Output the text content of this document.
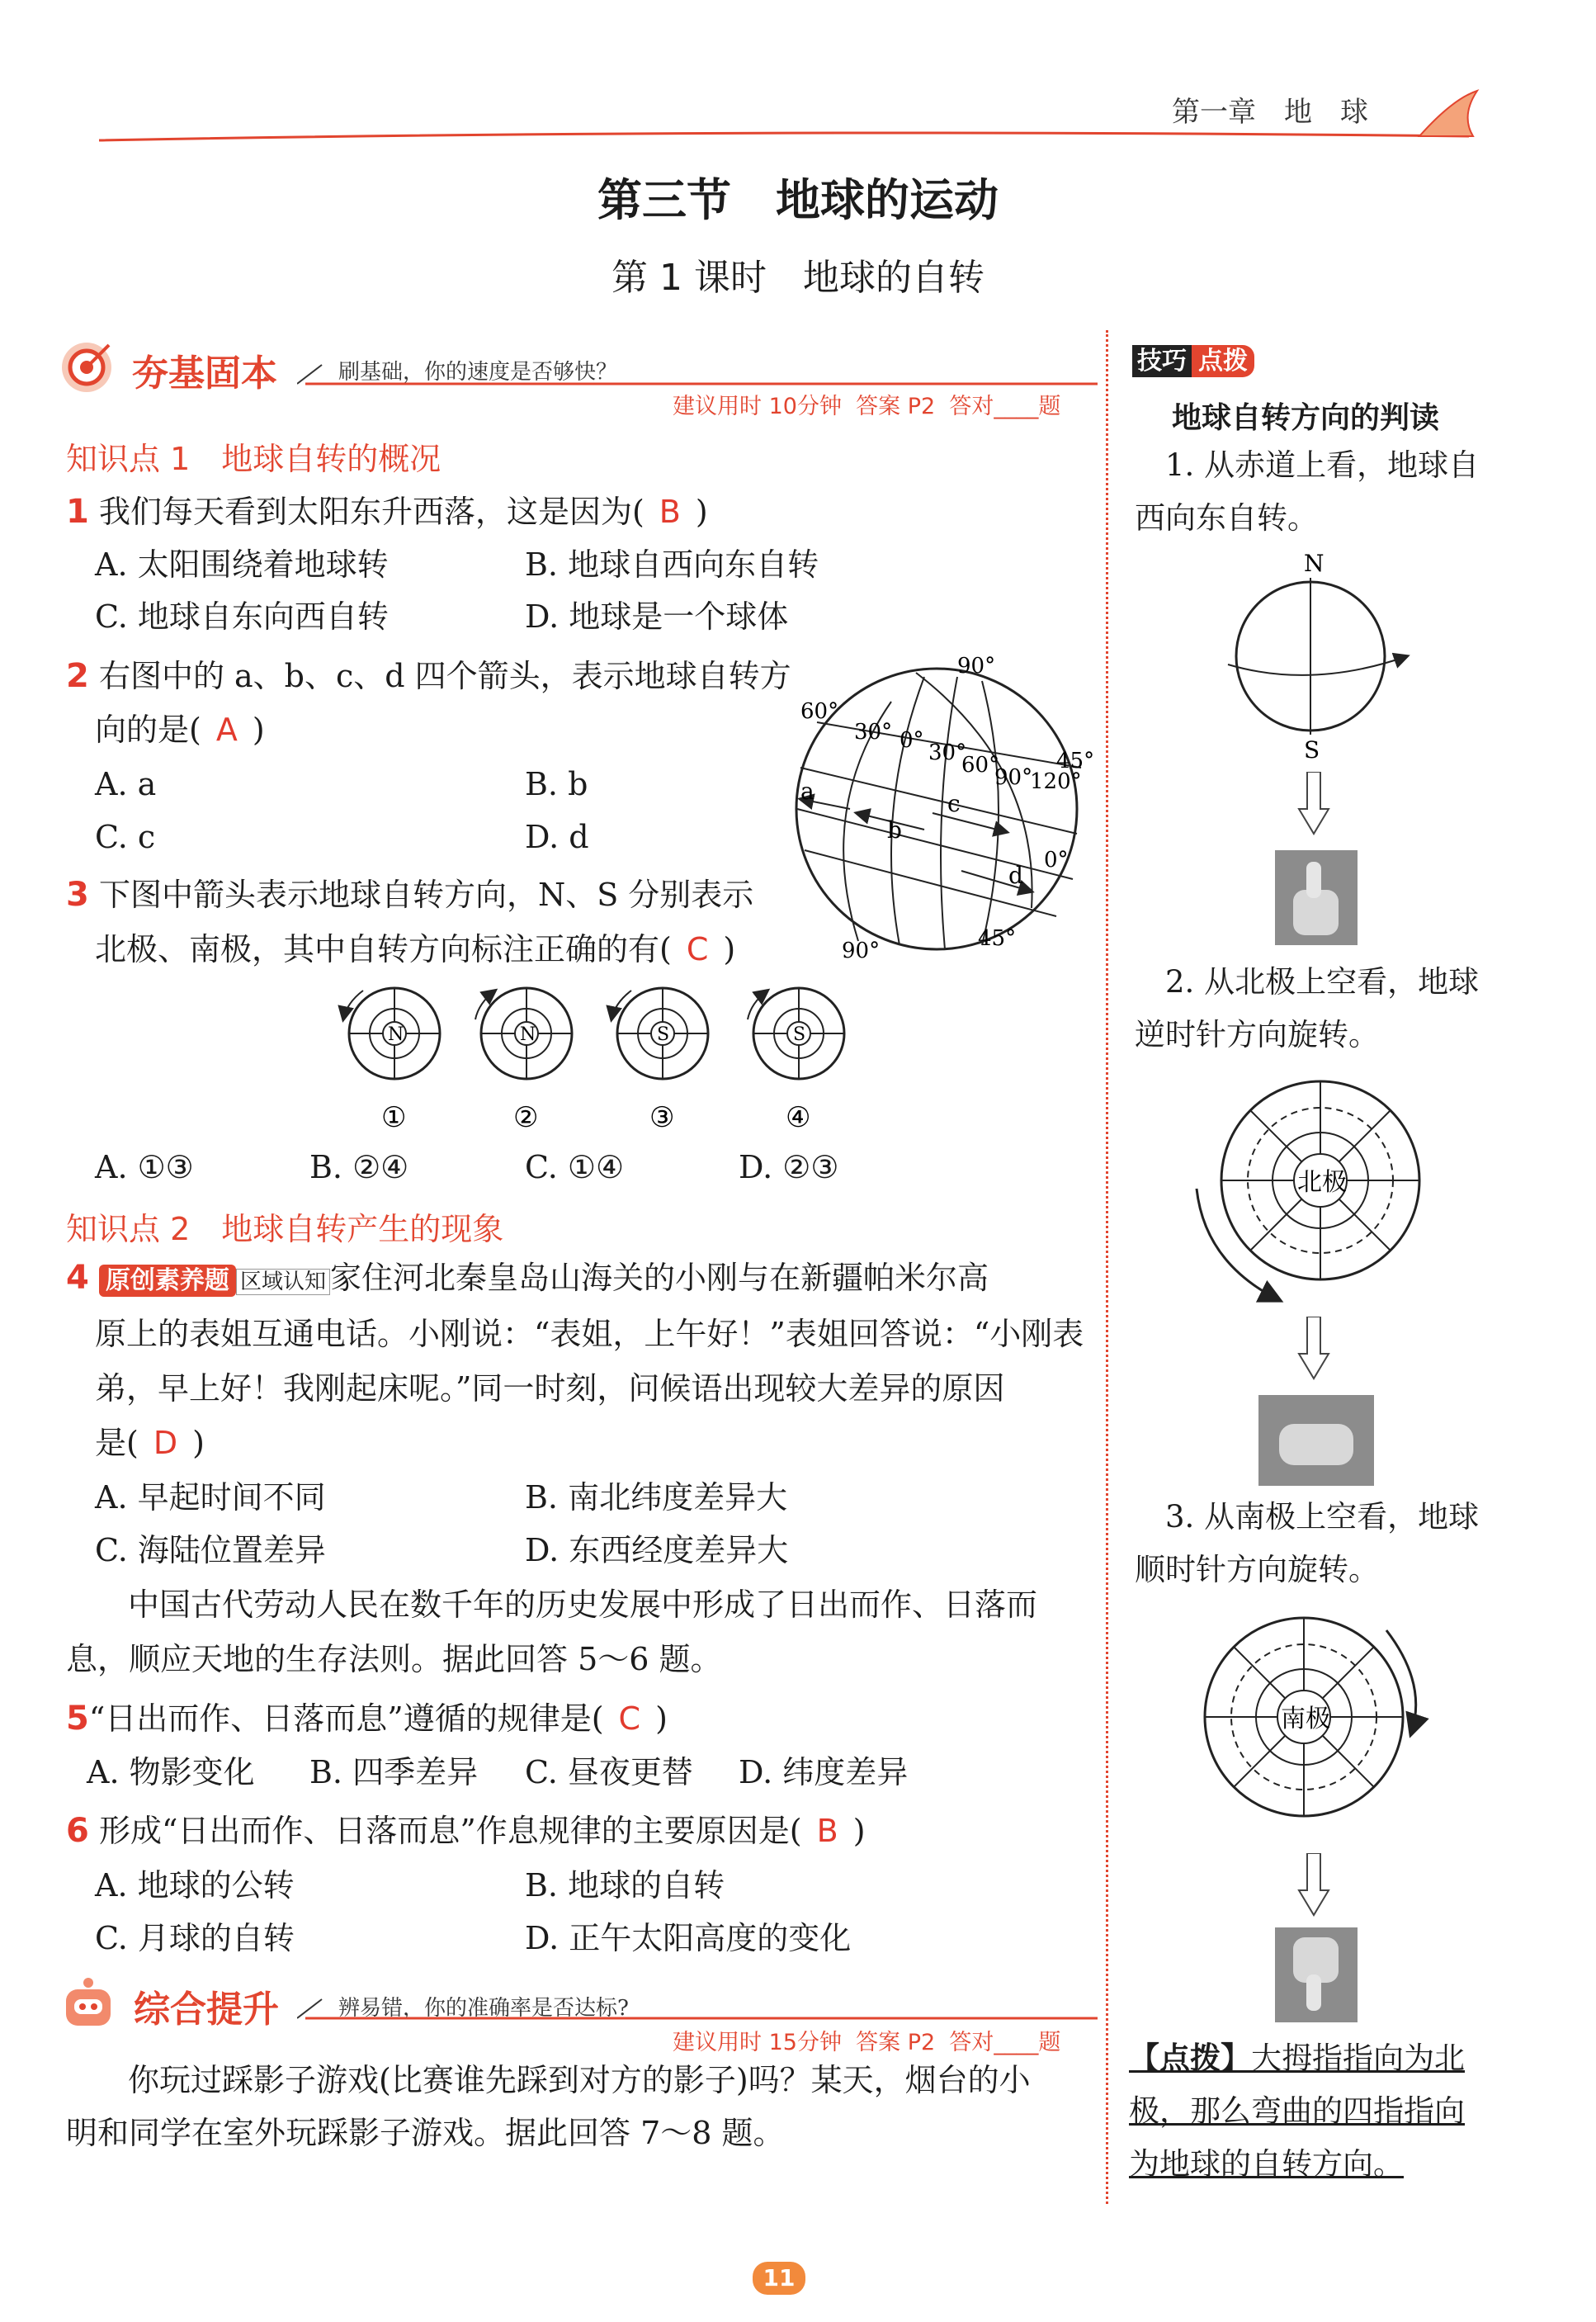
第一章　地　球
第三节　地球的运动
第 1 课时　地球的自转
夯基固本	刷基础，你的速度是否够快？
建议用时 10分钟 答案 P2 答对____题
知识点 1　地球自转的概况
1 我们每天看到太阳东升西落，这是因为( B )
A. 太阳围绕着地球转	B. 地球自西向东自转
C. 地球自东向西自转	D. 地球是一个球体
2 右图中的 a、b、c、d 四个箭头，表示地球自转方
向的是( A )
A. a	B. b
C. c	D. d
90°
60°
30° 0° 30°
60°
90°
45°
120°
0°
90°	45°
a
b
c
d
3 下图中箭头表示地球自转方向，N、S 分别表示
北极、南极，其中自转方向标注正确的有( C )
N
①
N
②
S
③
S
④
A. ①③	B. ②④	C. ①④	D. ②③
知识点 2　地球自转产生的现象
4 原创素养题 区域认知 家住河北秦皇岛山海关的小刚与在新疆帕米尔高
原上的表姐互通电话。小刚说：“表姐，上午好！”表姐回答说：“小刚表
弟，早上好！我刚起床呢。”同一时刻，问候语出现较大差异的原因
是( D )
A. 早起时间不同	B. 南北纬度差异大
C. 海陆位置差异	D. 东西经度差异大
中国古代劳动人民在数千年的历史发展中形成了日出而作、日落而
息，顺应天地的生存法则。据此回答 5～6 题。
5“日出而作、日落而息”遵循的规律是( C )
A. 物影变化 B. 四季差异 C. 昼夜更替 D. 纬度差异
6 形成“日出而作、日落而息”作息规律的主要原因是( B )
A. 地球的公转	B. 地球的自转
C. 月球的自转	D. 正午太阳高度的变化
综合提升	辨易错，你的准确率是否达标?
建议用时 15分钟 答案 P2 答对____题
你玩过踩影子游戏(比赛谁先踩到对方的影子)吗？某天，烟台的小
明和同学在室外玩踩影子游戏。据此回答 7～8 题。
技巧 点拨
地球自转方向的判读
1. 从赤道上看，地球自
西向东自转。
N
S
2. 从北极上空看，地球
逆时针方向旋转。
北极
3. 从南极上空看，地球
顺时针方向旋转。
南极
【点拨】大拇指指向为北
极，那么弯曲的四指指向
为地球的自转方向。
11
